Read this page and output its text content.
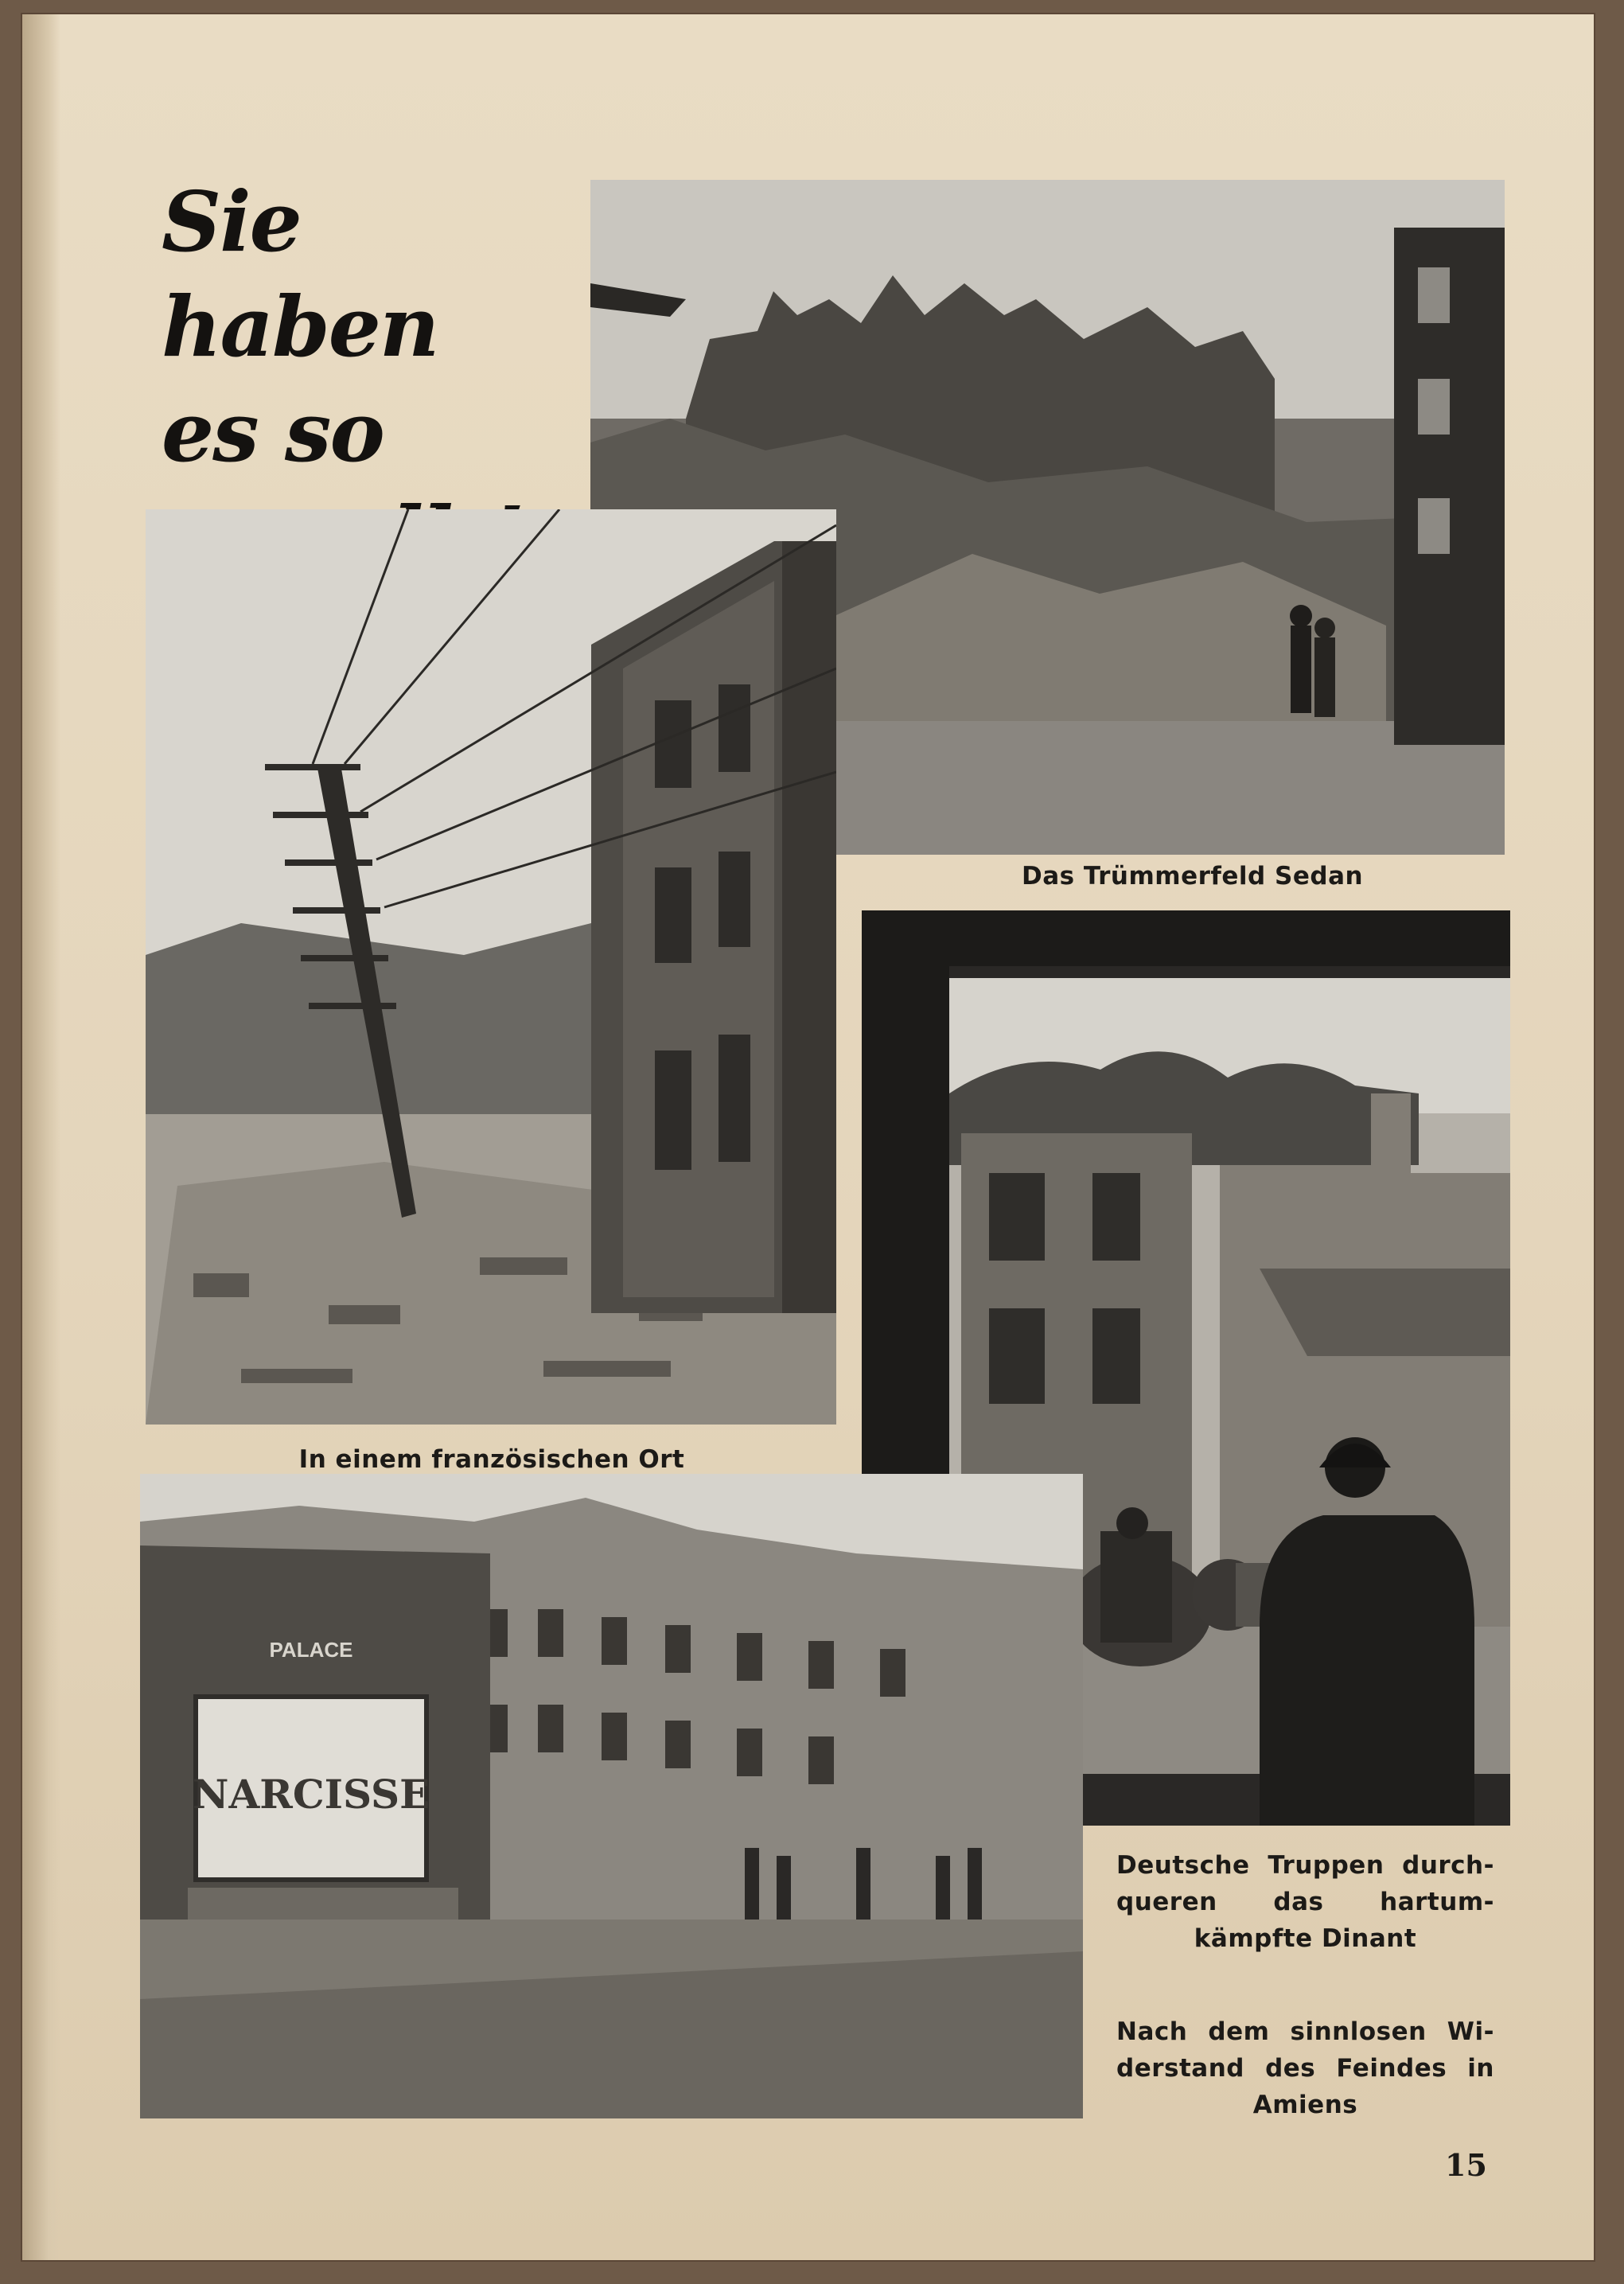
Sie haben
es so

Das Trümmerfeld Sedan
In einem französischen Ort
Deutsche Truppen durch-queren das hartum-kämpfte Dinant
PALACE
NARCISSE
Nach dem sinnlosen Wi-derstand des Feindes in Amiens
15
